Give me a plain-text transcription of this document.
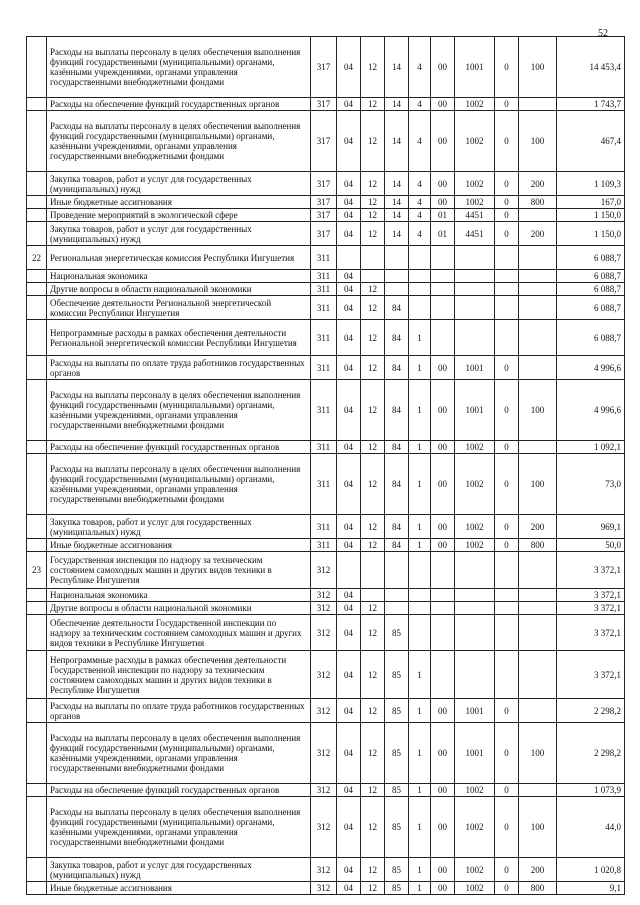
52
	Расходы на выплаты персоналу в целях обеспечения выполнения функций государственными (муниципальными) органами, казёнными учреждениями, органами управления государственными внебюджетными фондами	317	04	12	14	4	00	1001	0	100	14 453,4
	Расходы на обеспечение функций государственных органов	317	04	12	14	4	00	1002	0		1 743,7
	Расходы на выплаты персоналу в целях обеспечения выполнения функций государственными (муниципальными) органами, казённыни учреждениями, органами управления государственными внебюджетными фондами	317	04	12	14	4	00	1002	0	100	467,4
	Закупка товаров, работ и услуг для государственных (муниципальных) нужд	317	04	12	14	4	00	1002	0	200	1 109,3
	Иные бюджетные ассигнования	317	04	12	14	4	00	1002	0	800	167,0
	Проведение мероприятий в экологической сфере	317	04	12	14	4	01	4451	0		1 150,0
	Закупка товаров, работ и услуг для государственных (муниципальных) нужд	317	04	12	14	4	01	4451	0	200	1 150,0
22	Региональная энергетическая комиссия Республики Ингушетия	311									6 088,7
	Национальная экономика	311	04								6 088,7
	Другие вопросы в области национальной экономики	311	04	12							6 088,7
	Обеспечение деятельности Региональной энергетической комиссии Республики Ингушетия	311	04	12	84						6 088,7
	Непрограммные расходы в рамках обеспечения деятельности Региональной энергетической комиссии Республики Ингушетия	311	04	12	84	1					6 088,7
	Расходы на выплаты по оплате труда работников государственных органов	311	04	12	84	1	00	1001	0		4 996,6
	Расходы на выплаты персоналу в целях обеспечения выполнения функций государственными (муниципальными) органами, казёнными учреждениями, органами управления государственными внебюджетными фондами	311	04	12	84	1	00	1001	0	100	4 996,6
	Расходы на обеспечение функций государственных органов	311	04	12	84	1	00	1002	0		1 092,1
	Расходы на выплаты персоналу в целях обеспечения выполнения функций государственными (муниципальными) органами, казёнными учреждениями, органами управления государственными внебюджетными фондами	311	04	12	84	1	00	1002	0	100	73,0
	Закупка товаров, работ и услуг для государственных (муниципальных) нужд	311	04	12	84	1	00	1002	0	200	969,1
	Иные бюджетные ассигнования	311	04	12	84	1	00	1002	0	800	50,0
23	Государственная инспекция по надзору за техническим состоянием самоходных машин и других видов техники в Республике Ингушетия	312									3 372,1
	Национальная экономика	312	04								3 372,1
	Другие вопросы в области национальной экономики	312	04	12							3 372,1
	Обеспечение деятельности Государственной инспекции по надзору за техническим состоянием самоходных машин и других видов техники в Республике Ингушетия	312	04	12	85						3 372,1
	Непрограммные расходы в рамках обеспечения деятельности Государственной инспекции по надзору за техническим состоянием самоходных машин и других видов техники в Республике Ингушетия	312	04	12	85	1					3 372,1
	Расходы на выплаты по оплате труда работников государственных органов	312	04	12	85	1	00	1001	0		2 298,2
	Расходы на выплаты персоналу в целях обеспечения выполнения функций государственными (муниципальными) органами, казёнными учреждениями, органами управления государственными внебюджетными фондами	312	04	12	85	1	00	1001	0	100	2 298,2
	Расходы на обеспечение функций государственных органов	312	04	12	85	1	00	1002	0		1 073,9
	Расходы на выплаты персоналу в целях обеспечения выполнения функций государственными (муниципальными) органами, казёнными учреждениями, органами управления государственными внебюджетными фондами	312	04	12	85	1	00	1002	0	100	44,0
	Закупка товаров, работ и услуг для государственных (муниципальных) нужд	312	04	12	85	1	00	1002	0	200	1 020,8
	Иные бюджетные ассигнования	312	04	12	85	1	00	1002	0	800	9,1
